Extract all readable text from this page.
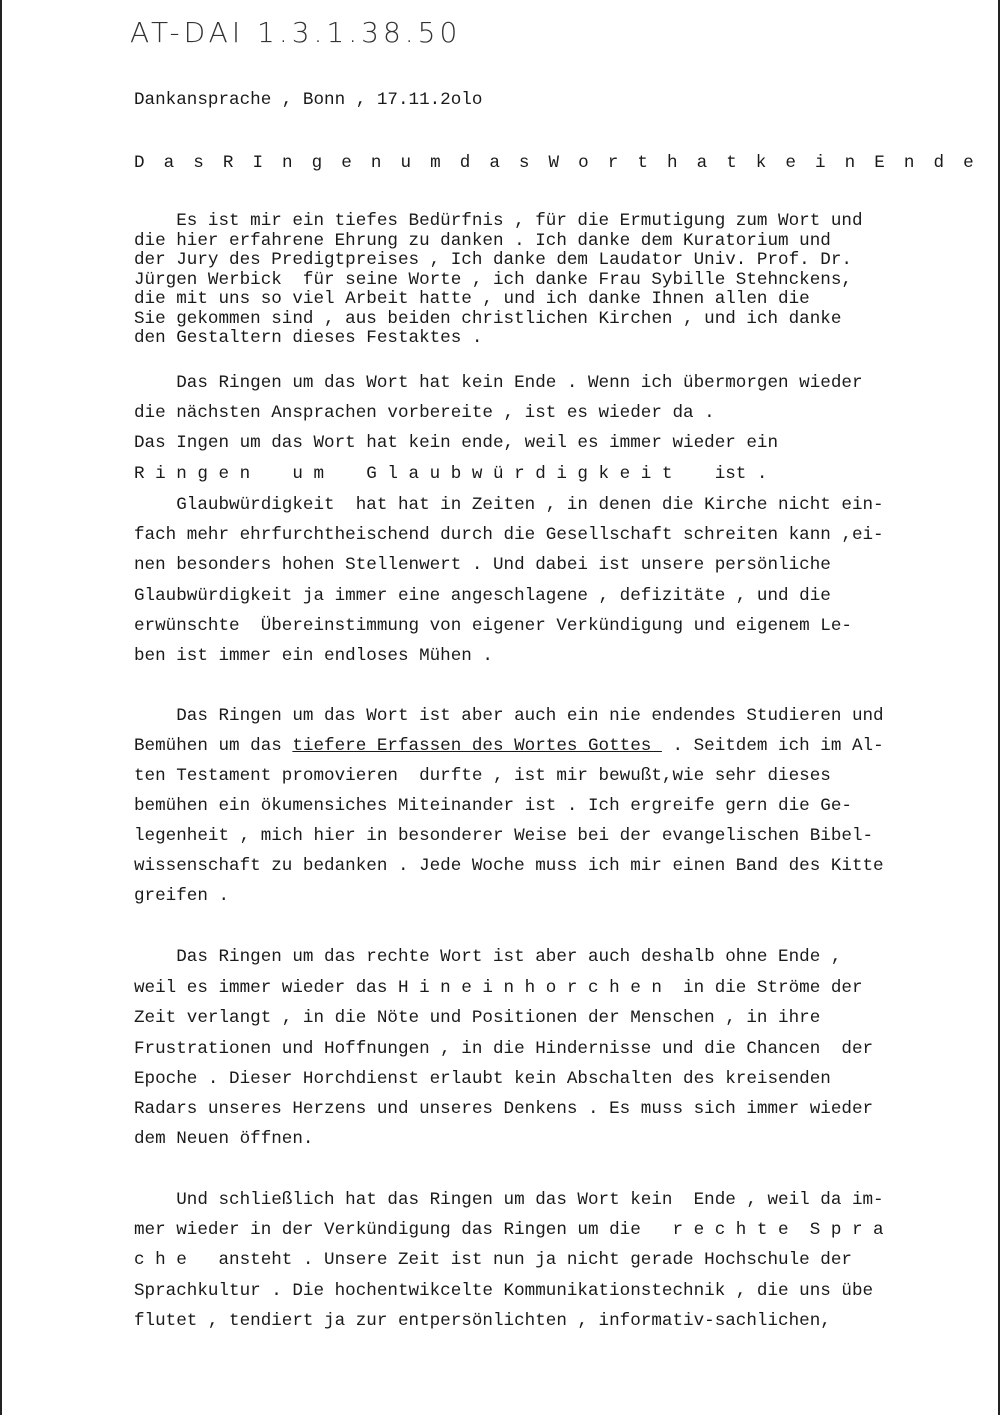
AT-DAI 1.3.1.38.50
Dankansprache , Bonn , 17.11.2olo
D a s R I n g e n u m d a s W o r t h a t k e i n E n d e
Es ist mir ein tiefes Bedürfnis , für die Ermutigung zum Wort und
die hier erfahrene Ehrung zu danken . Ich danke dem Kuratorium und
der Jury des Predigtpreises , Ich danke dem Laudator Univ. Prof. Dr.
Jürgen Werbick  für seine Worte , ich danke Frau Sybille Stehnckens,
die mit uns so viel Arbeit hatte , und ich danke Ihnen allen die
Sie gekommen sind , aus beiden christlichen Kirchen , und ich danke
den Gestaltern dieses Festaktes .
Das Ringen um das Wort hat kein Ende . Wenn ich übermorgen wieder
die nächsten Ansprachen vorbereite , ist es wieder da .
Das Ingen um das Wort hat kein ende, weil es immer wieder ein
R i n g e n    u m    G l a u b w ü r d i g k e i t    ist .
Glaubwürdigkeit  hat hat in Zeiten , in denen die Kirche nicht ein-
fach mehr ehrfurchtheischend durch die Gesellschaft schreiten kann ,ei-
nen besonders hohen Stellenwert . Und dabei ist unsere persönliche
Glaubwürdigkeit ja immer eine angeschlagene , defizitäte , und die
erwünschte  Übereinstimmung von eigener Verkündigung und eigenem Le-
ben ist immer ein endloses Mühen .
Das Ringen um das Wort ist aber auch ein nie endendes Studieren und
Bemühen um das tiefere Erfassen des Wortes Gottes  . Seitdem ich im Al-
ten Testament promovieren  durfte , ist mir bewußt,wie sehr dieses
bemühen ein ökumensiches Miteinander ist . Ich ergreife gern die Ge-
legenheit , mich hier in besonderer Weise bei der evangelischen Bibel-
wissenschaft zu bedanken . Jede Woche muss ich mir einen Band des Kitte
greifen .
Das Ringen um das rechte Wort ist aber auch deshalb ohne Ende ,
weil es immer wieder das H i n e i n h o r c h e n  in die Ströme der
Zeit verlangt , in die Nöte und Positionen der Menschen , in ihre
Frustrationen und Hoffnungen , in die Hindernisse und die Chancen  der
Epoche . Dieser Horchdienst erlaubt kein Abschalten des kreisenden
Radars unseres Herzens und unseres Denkens . Es muss sich immer wieder
dem Neuen öffnen.
Und schließlich hat das Ringen um das Wort kein  Ende , weil da im-
mer wieder in der Verkündigung das Ringen um die   r e c h t e  S p r a
c h e   ansteht . Unsere Zeit ist nun ja nicht gerade Hochschule der
Sprachkultur . Die hochentwikcelte Kommunikationstechnik , die uns übe
flutet , tendiert ja zur entpersönlichten , informativ-sachlichen,
